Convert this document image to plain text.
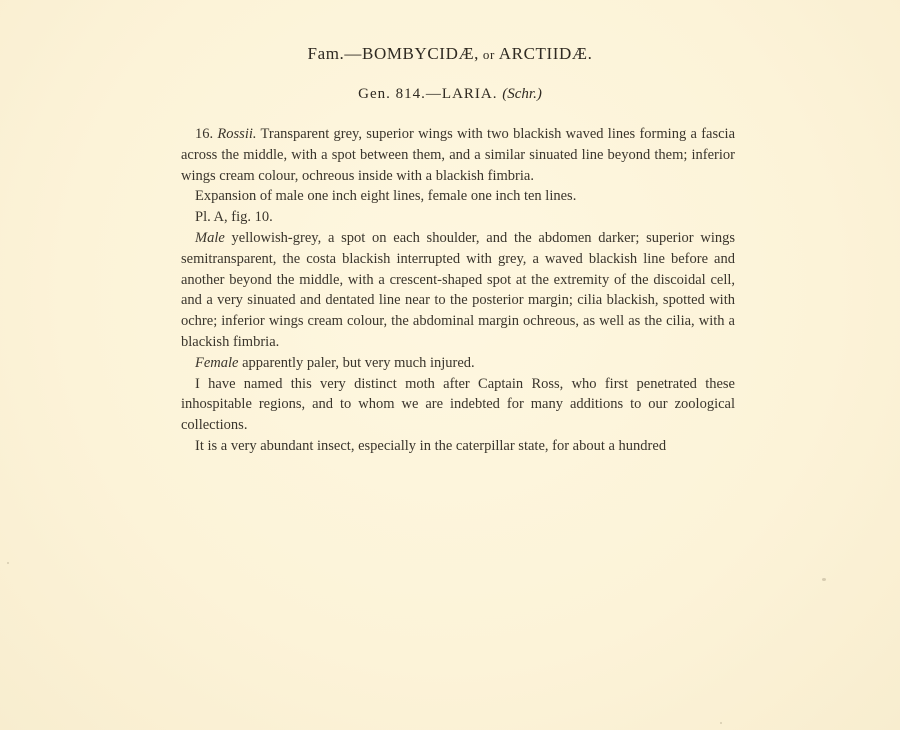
Fam.—BOMBYCIDÆ, or ARCTIIDÆ.
Gen. 814.—LARIA. (Schr.)

16. Rossii. Transparent grey, superior wings with two blackish waved lines forming a fascia across the middle, with a spot between them, and a similar sinuated line beyond them; inferior wings cream colour, ochreous inside with a blackish fimbria.

Expansion of male one inch eight lines, female one inch ten lines.

Pl. A, fig. 10.

Male yellowish-grey, a spot on each shoulder, and the abdomen darker; superior wings semitransparent, the costa blackish interrupted with grey, a waved blackish line before and another beyond the middle, with a crescent-shaped spot at the extremity of the discoidal cell, and a very sinuated and dentated line near to the posterior margin; cilia blackish, spotted with ochre; inferior wings cream colour, the abdominal margin ochreous, as well as the cilia, with a blackish fimbria.

Female apparently paler, but very much injured.

I have named this very distinct moth after Captain Ross, who first penetrated these inhospitable regions, and to whom we are indebted for many additions to our zoological collections.

It is a very abundant insect, especially in the caterpillar state, for about a hundred
